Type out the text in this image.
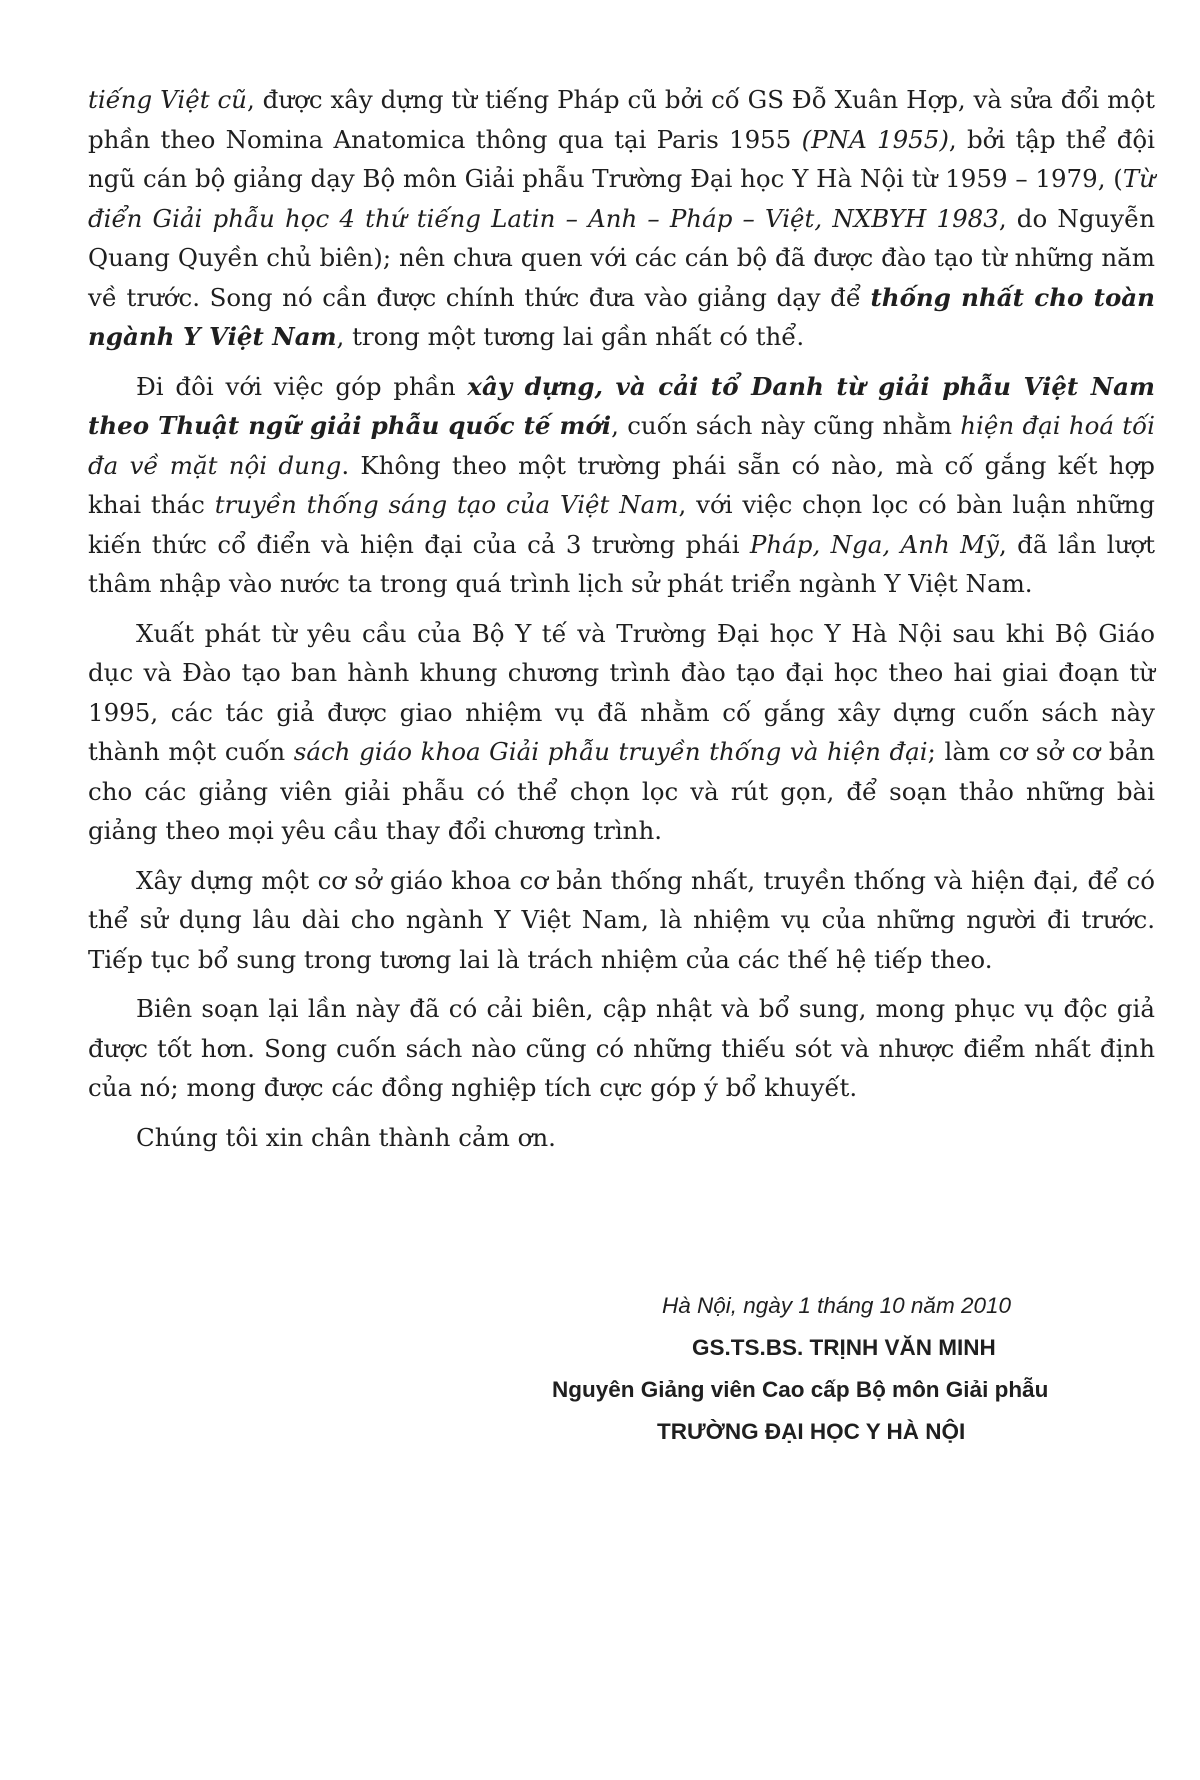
tiếng Việt cũ, được xây dựng từ tiếng Pháp cũ bởi cố GS Đỗ Xuân Hợp, và sửa đổi một phần theo Nomina Anatomica thông qua tại Paris 1955 (PNA 1955), bởi tập thể đội ngũ cán bộ giảng dạy Bộ môn Giải phẫu Trường Đại học Y Hà Nội từ 1959 – 1979, (Từ điển Giải phẫu học 4 thứ tiếng Latin – Anh – Pháp – Việt, NXBYH 1983, do Nguyễn Quang Quyền chủ biên); nên chưa quen với các cán bộ đã được đào tạo từ những năm về trước. Song nó cần được chính thức đưa vào giảng dạy để thống nhất cho toàn ngành Y Việt Nam, trong một tương lai gần nhất có thể.

Đi đôi với việc góp phần xây dựng, và cải tổ Danh từ giải phẫu Việt Nam theo Thuật ngữ giải phẫu quốc tế mới, cuốn sách này cũng nhằm hiện đại hoá tối đa về mặt nội dung. Không theo một trường phái sẵn có nào, mà cố gắng kết hợp khai thác truyền thống sáng tạo của Việt Nam, với việc chọn lọc có bàn luận những kiến thức cổ điển và hiện đại của cả 3 trường phái Pháp, Nga, Anh Mỹ, đã lần lượt thâm nhập vào nước ta trong quá trình lịch sử phát triển ngành Y Việt Nam.

Xuất phát từ yêu cầu của Bộ Y tế và Trường Đại học Y Hà Nội sau khi Bộ Giáo dục và Đào tạo ban hành khung chương trình đào tạo đại học theo hai giai đoạn từ 1995, các tác giả được giao nhiệm vụ đã nhằm cố gắng xây dựng cuốn sách này thành một cuốn sách giáo khoa Giải phẫu truyền thống và hiện đại; làm cơ sở cơ bản cho các giảng viên giải phẫu có thể chọn lọc và rút gọn, để soạn thảo những bài giảng theo mọi yêu cầu thay đổi chương trình.

Xây dựng một cơ sở giáo khoa cơ bản thống nhất, truyền thống và hiện đại, để có thể sử dụng lâu dài cho ngành Y Việt Nam, là nhiệm vụ của những người đi trước. Tiếp tục bổ sung trong tương lai là trách nhiệm của các thế hệ tiếp theo.

Biên soạn lại lần này đã có cải biên, cập nhật và bổ sung, mong phục vụ độc giả được tốt hơn. Song cuốn sách nào cũng có những thiếu sót và nhược điểm nhất định của nó; mong được các đồng nghiệp tích cực góp ý bổ khuyết.

Chúng tôi xin chân thành cảm ơn.

Hà Nội, ngày 1 tháng 10 năm 2010
GS.TS.BS. TRỊNH VĂN MINH
Nguyên Giảng viên Cao cấp Bộ môn Giải phẫu
TRƯỜNG ĐẠI HỌC Y HÀ NỘI
